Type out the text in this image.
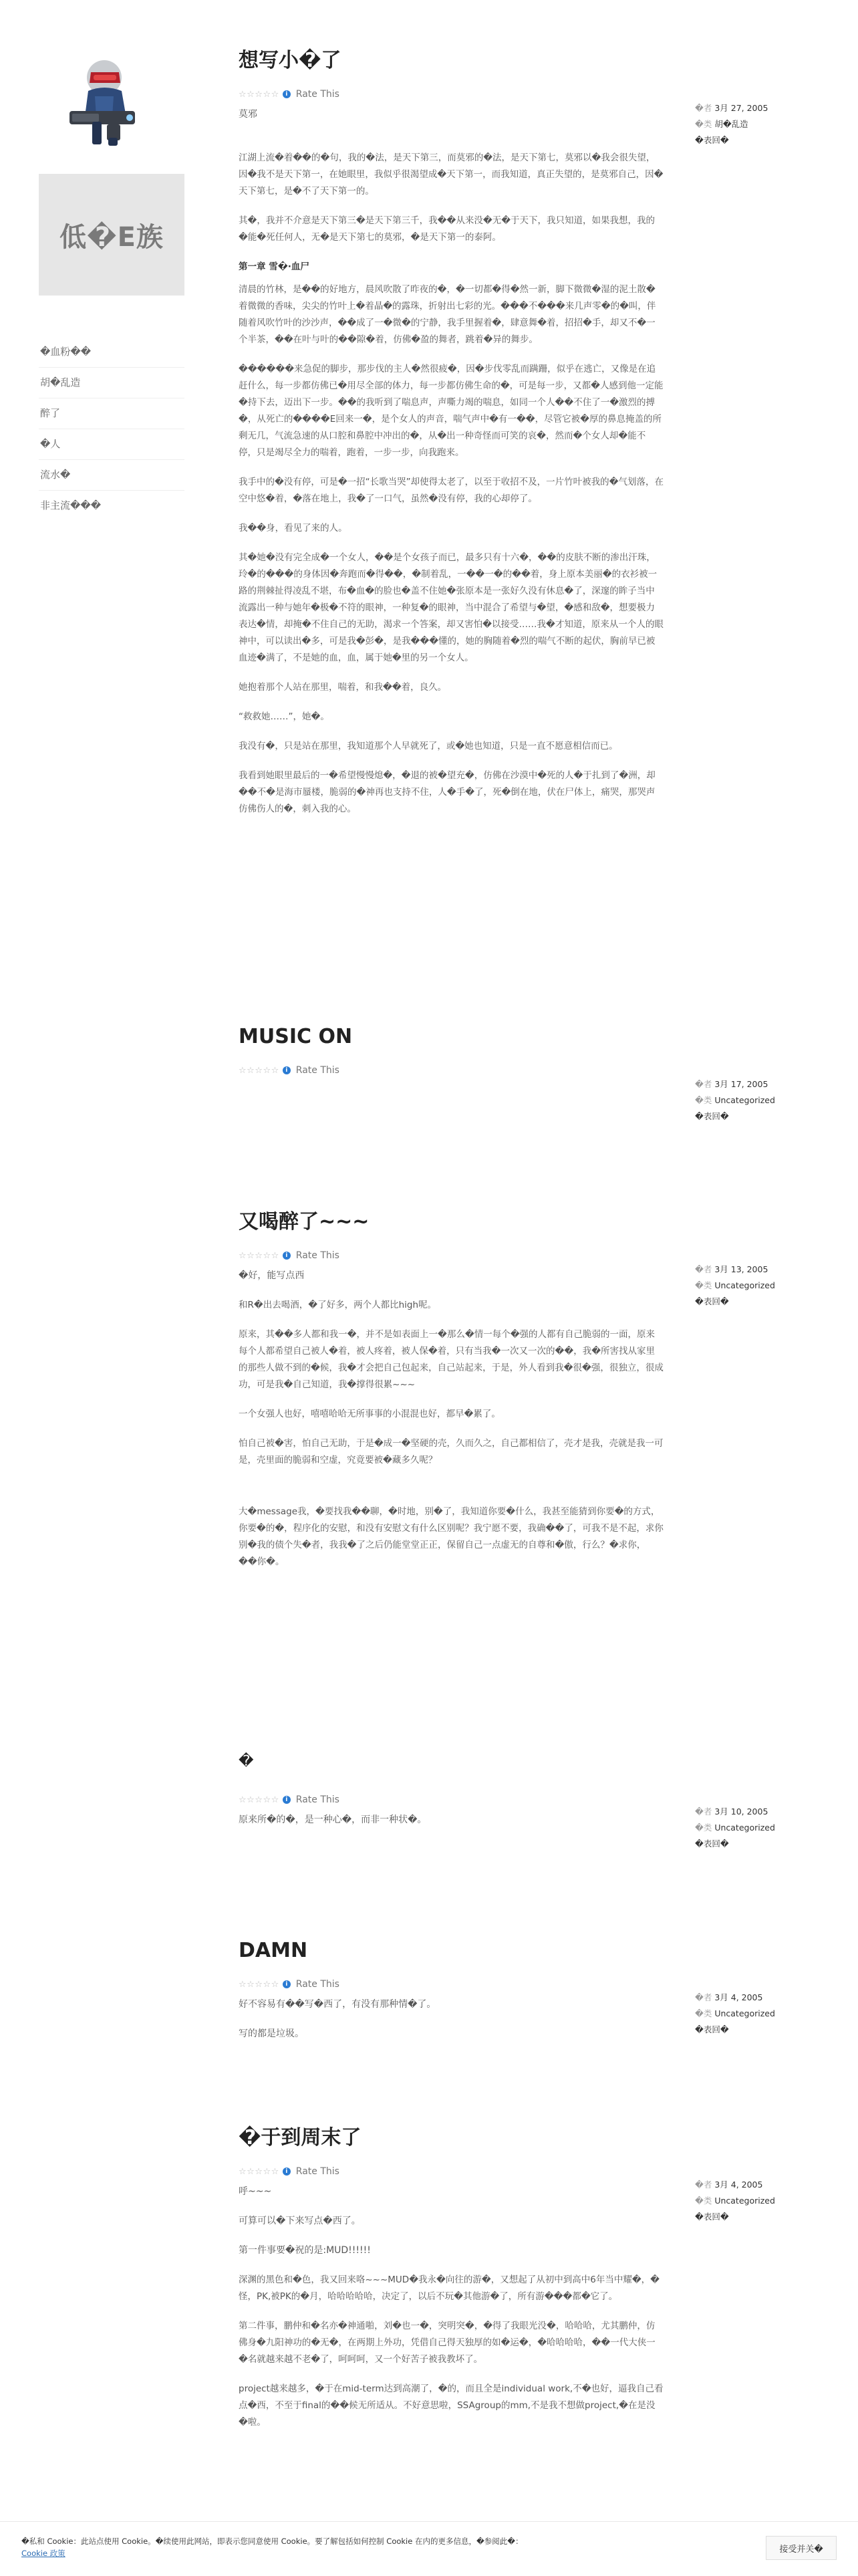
低�E族
�血粉��
胡�乱造
醉了
�人
流水�
非主流���
想写小�了
☆☆☆☆☆	i Rate This

莫邪

江湖上流�着��的�句，我的�法，是天下第三，而莫邪的�法，是天下第七，莫邪以�我会很失望，因�我不是天下第一，在她眼里，我似乎很渴望成�天下第一，而我知道，真正失望的，是莫邪自己，因�天下第七，是�不了天下第一的。

其�，我并不介意是天下第三�是天下第三千，我��从来没�无�于天下，我只知道，如果我想，我的�能�死任何人，无�是天下第七的莫邪，�是天下第一的泰阿。

第一章 雪�·血尸

清晨的竹林，是��的好地方，晨风吹散了昨夜的�，�一切都�得�然一新，脚下微微�湿的泥土散�着微微的香味，尖尖的竹叶上�着晶�的露珠，折射出七彩的光。���不���来几声零�的�叫，伴随着风吹竹叶的沙沙声，��成了一�微�的宁静，我手里握着�，肆意舞�着，招招�手，却又不�一个半茶，��在叶与叶的��隙�着，仿佛�盈的舞者，跳着�异的舞步。

������来急促的脚步，那步伐的主人�然很疲�，因�步伐零乱而蹒跚，似乎在逃亡，又像是在追赶什么，每一步都仿佛已�用尽全部的体力，每一步都仿佛生命的�，可是每一步，又都�人感到他一定能�持下去，迈出下一步。��的我听到了喘息声，声嘶力竭的喘息，如同一个人��不住了一�激烈的搏�，从死亡的����E回来一�，是个女人的声音，喘气声中�有一��，尽管它被�厚的鼻息掩盖的所剩无几，气流急速的从口腔和鼻腔中冲出的�，从�出一种奇怪而可笑的哀�，然而�个女人却�能不停，只是竭尽全力的喘着，跑着，一步一步，向我跑来。

我手中的�没有停，可是�一招“长歌当哭”却使得太老了，以至于收招不及，一片竹叶被我的�气划落，在空中悠�着，�落在地上，我�了一口气，虽然�没有停，我的心却停了。

我��身，看见了来的人。

其�她�没有完全成�一个女人，��是个女孩子而已，最多只有十六�，��的皮肤不断的渗出汗珠，玲�的���的身体因�奔跑而�得��，�制着乱，一��一�的��着，身上原本美丽�的衣衫被一路的荆棘扯得凌乱不堪，布�血�的脸也�盖不住她�张原本是一张好久没有休息�了，深邃的眸子当中流露出一种与她年�极�不符的眼神，一种复�的眼神，当中混合了希望与�望，�感和敌�，想要极力表达�情，却掩�不住自己的无助，渴求一个答案，却又害怕�以接受……我�才知道，原来从一个人的眼神中，可以读出�多，可是我�彭�，是我���懂的，她的胸随着�烈的喘气不断的起伏，胸前早已被血迹�满了，不是她的血，血，属于她�里的另一个女人。

她抱着那个人站在那里，喘着，和我��着，良久。

“救救她……”，她�。

我没有�，只是站在那里，我知道那个人早就死了，或�她也知道，只是一直不愿意相信而已。

我看到她眼里最后的一�希望慢慢熄�，�退的被�望充�，仿佛在沙漠中�死的人�于扎到了�洲，却��不�是海市蜃楼，脆弱的�神再也支持不住，人�手�了，死�倒在地，伏在尸体上，痛哭，那哭声仿佛伤人的�，刺入我的心。

MUSIC ON
☆☆☆☆☆	i Rate This
又喝醉了~~~
☆☆☆☆☆	i Rate This

�好，能写点西

和R�出去喝酒，�了好多，两个人都比high呢。

原来，其��多人都和我一�，并不是如表面上一�那么�情一每个�强的人都有自己脆弱的一面，原来每个人都希望自己被人�着，被人疼着，被人保�着，只有当我�一次又一次的��，我�所害找从家里的那些人做不到的�候，我�才会把自己包起来，自己站起来，于是，外人看到我�很�强，很独立，很成功，可是我�自己知道，我�撑得很累~~~

一个女强人也好，嘻嘻哈哈无所事事的小混混也好，都早�累了。

怕自己被�害，怕自己无助，于是�成一�坚硬的壳，久而久之，自己都相信了，壳才是我，壳就是我一可是，壳里面的脆弱和空虚，究竟要被�藏多久呢？

大�message我，�要找我��聊，�时地，别�了，我知道你要�什么，我甚至能猜到你要�的方式，你要�的�，程序化的安慰，和没有安慰文有什么区别呢？我宁愿不要，我确��了，可我不是不起，求你别�我的债个失�者，我我�了之后仍能堂堂正正，保留自己一点虚无的自尊和�傲，行么？�求你，��你�。

�
☆☆☆☆☆	i Rate This

原来所�的�，是一种心�，而非一种状�。

DAMN
☆☆☆☆☆	i Rate This

好不容易有��写�西了，有没有那种情�了。

写的都是垃圾。

�于到周末了
☆☆☆☆☆	i Rate This

呼~~~

可算可以�下来写点�西了。

第一件事要�祝的是:MUD!!!!!!

深渊的黑色和�色，我又回来咯~~~MUD�我永�向往的游�，又想起了从初中到高中6年当中耀�，�怪，PK,被PK的�月，哈哈哈哈哈，决定了，以后不玩�其他游�了，所有游���都�它了。

第二件事，鹏仲和�名亦�神通啪，刘�也一�，突明突�，�得了我眼光没�，哈哈哈，尤其鹏仲，仿佛身�九阳神功的�无�，在两期上外功，凭借自己得天独厚的如�运�，�哈哈哈哈，��一代大侠一�名就越来越不老�了，呵呵呵，又一个好苦子被我教坏了。

project越来越多，�于在mid-term达到高潮了，�的，而且全是individual work,不�也好，逼我自己看点�西，不至于final的��候无所适从。不好意思啦，SSAgroup的mm,不是我不想做project,�在是没�啦。

�者 3月 27, 2005
�类 胡�乱造
�表回�
�者 3月 17, 2005
�类 Uncategorized
�表回�
�者 3月 13, 2005
�类 Uncategorized
�表回�
�者 3月 10, 2005
�类 Uncategorized
�表回�
�者 3月 4, 2005
�类 Uncategorized
�表回�
�者 3月 4, 2005
�类 Uncategorized
�表回�
�私和 Cookie：此站点使用 Cookie。�续使用此网站，即表示您同意使用 Cookie。要了解包括如何控制 Cookie 在内的更多信息，�参阅此�： Cookie 政策	接受并关�
